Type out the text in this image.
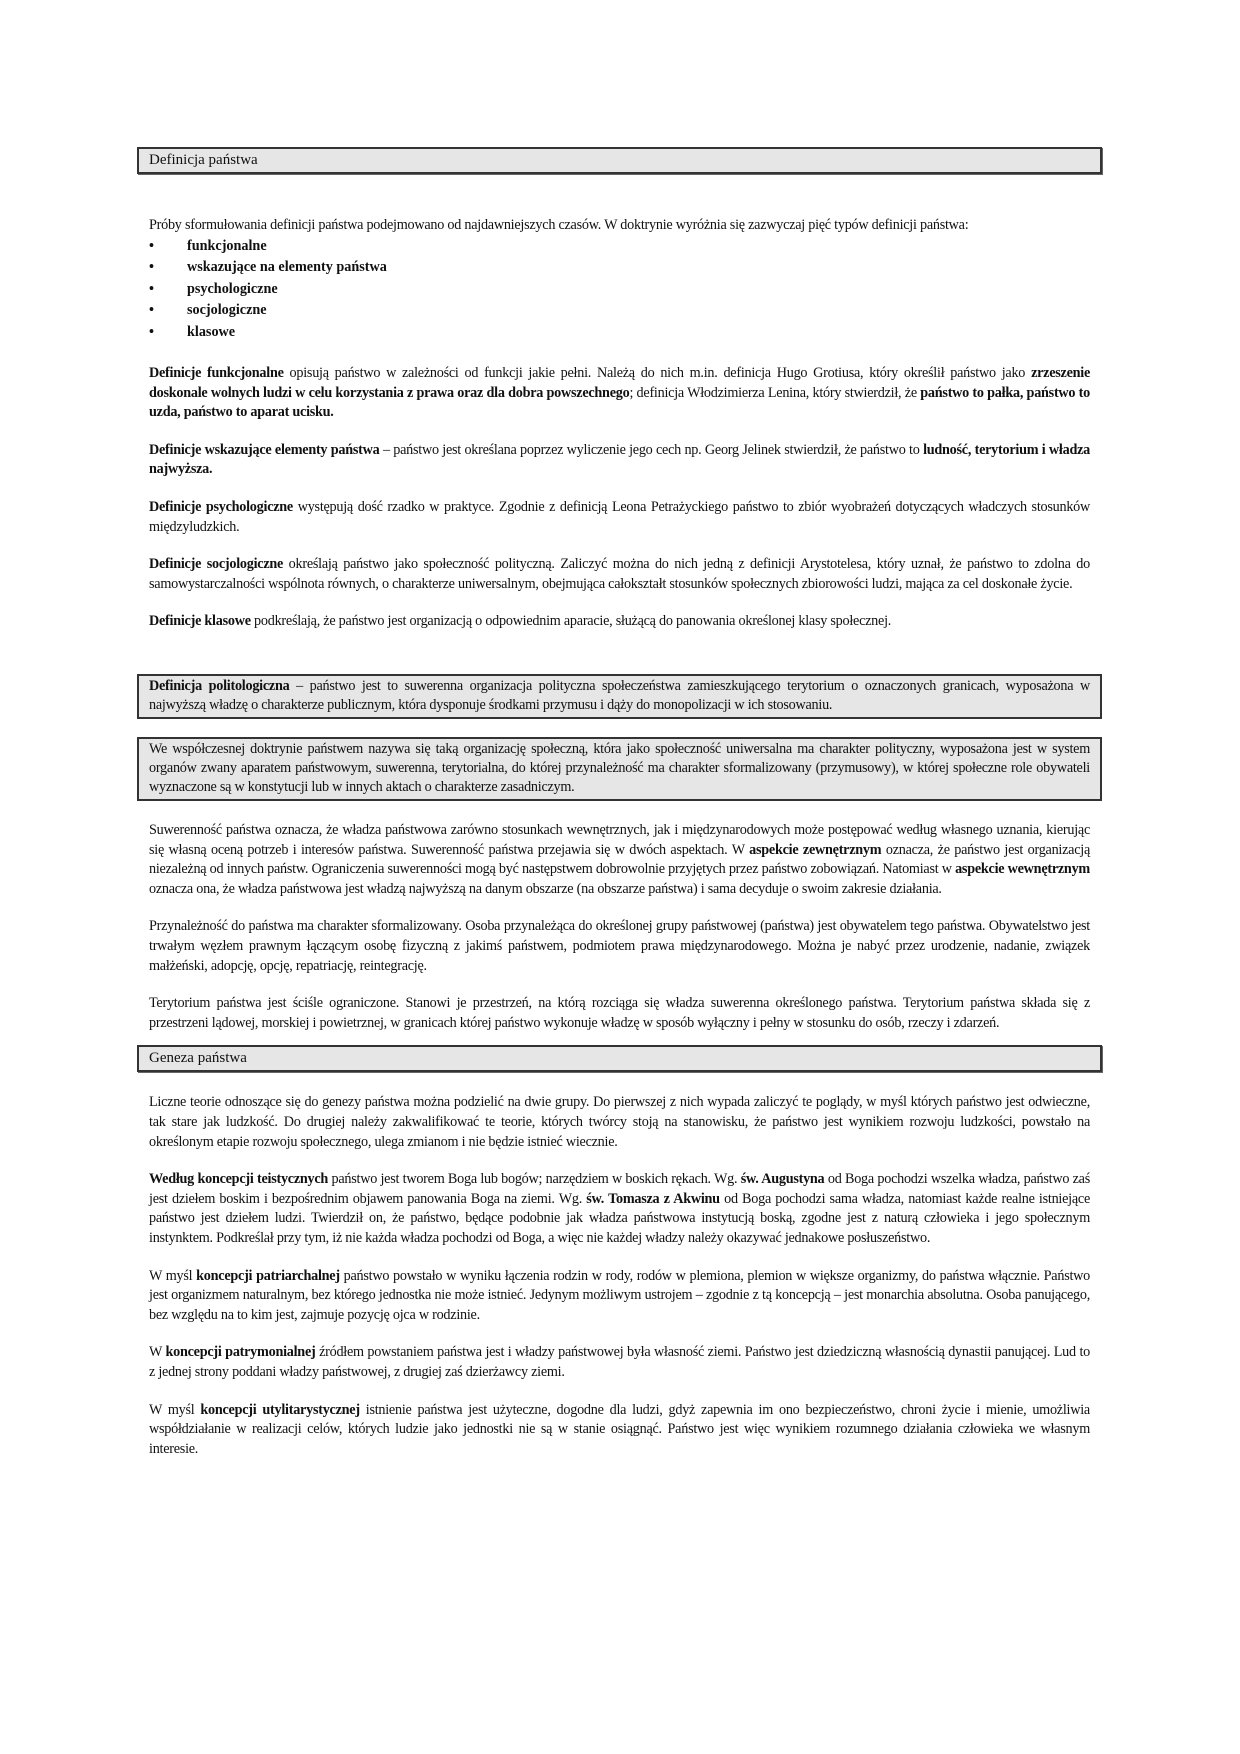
Definicja państwa

Próby sformułowania definicji państwa podejmowano od najdawniejszych czasów. W doktrynie wyróżnia się zazwyczaj pięć typów definicji państwa:

• funkcjonalne
• wskazujące na elementy państwa
• psychologiczne
• socjologiczne
• klasowe

Definicje funkcjonalne opisują państwo w zależności od funkcji jakie pełni. Należą do nich m.in. definicja Hugo Grotiusa, który określił państwo jako zrzeszenie doskonale wolnych ludzi w celu korzystania z prawa oraz dla dobra powszechnego; definicja Włodzimierza Lenina, który stwierdził, że państwo to pałka, państwo to uzda, państwo to aparat ucisku.

Definicje wskazujące elementy państwa – państwo jest określana poprzez wyliczenie jego cech np. Georg Jelinek stwierdził, że państwo to ludność, terytorium i władza najwyższa.

Definicje psychologiczne występują dość rzadko w praktyce. Zgodnie z definicją Leona Petrażyckiego państwo to zbiór wyobrażeń dotyczących władczych stosunków międzyludzkich.

Definicje socjologiczne określają państwo jako społeczność polityczną. Zaliczyć można do nich jedną z definicji Arystotelesa, który uznał, że państwo to zdolna do samowystarczalności wspólnota równych, o charakterze uniwersalnym, obejmująca całokształt stosunków społecznych zbiorowości ludzi, mająca za cel doskonałe życie.

Definicje klasowe podkreślają, że państwo jest organizacją o odpowiednim aparacie, służącą do panowania określonej klasy społecznej.

Definicja politologiczna – państwo jest to suwerenna organizacja polityczna społeczeństwa zamieszkującego terytorium o oznaczonych granicach, wyposażona w najwyższą władzę o charakterze publicznym, która dysponuje środkami przymusu i dąży do monopolizacji w ich stosowaniu.
We współczesnej doktrynie państwem nazywa się taką organizację społeczną, która jako społeczność uniwersalna ma charakter polityczny, wyposażona jest w system organów zwany aparatem państwowym, suwerenna, terytorialna, do której przynależność ma charakter sformalizowany (przymusowy), w której społeczne role obywateli wyznaczone są w konstytucji lub w innych aktach o charakterze zasadniczym.

Suwerenność państwa oznacza, że władza państwowa zarówno stosunkach wewnętrznych, jak i międzynarodowych może postępować według własnego uznania, kierując się własną oceną potrzeb i interesów państwa. Suwerenność państwa przejawia się w dwóch aspektach. W aspekcie zewnętrznym oznacza, że państwo jest organizacją niezależną od innych państw. Ograniczenia suwerenności mogą być następstwem dobrowolnie przyjętych przez państwo zobowiązań. Natomiast w aspekcie wewnętrznym oznacza ona, że władza państwowa jest władzą najwyższą na danym obszarze (na obszarze państwa) i sama decyduje o swoim zakresie działania.

Przynależność do państwa ma charakter sformalizowany. Osoba przynależąca do określonej grupy państwowej (państwa) jest obywatelem tego państwa. Obywatelstwo jest trwałym węzłem prawnym łączącym osobę fizyczną z jakimś państwem, podmiotem prawa międzynarodowego. Można je nabyć przez urodzenie, nadanie, związek małżeński, adopcję, opcję, repatriację, reintegrację.

Terytorium państwa jest ściśle ograniczone. Stanowi je przestrzeń, na którą rozciąga się władza suwerenna określonego państwa. Terytorium państwa składa się z przestrzeni lądowej, morskiej i powietrznej, w granicach której państwo wykonuje władzę w sposób wyłączny i pełny w stosunku do osób, rzeczy i zdarzeń.

Geneza państwa

Liczne teorie odnoszące się do genezy państwa można podzielić na dwie grupy. Do pierwszej z nich wypada zaliczyć te poglądy, w myśl których państwo jest odwieczne, tak stare jak ludzkość. Do drugiej należy zakwalifikować te teorie, których twórcy stoją na stanowisku, że państwo jest wynikiem rozwoju ludzkości, powstało na określonym etapie rozwoju społecznego, ulega zmianom i nie będzie istnieć wiecznie.

Według koncepcji teistycznych państwo jest tworem Boga lub bogów; narzędziem w boskich rękach. Wg. św. Augustyna od Boga pochodzi wszelka władza, państwo zaś jest dziełem boskim i bezpośrednim objawem panowania Boga na ziemi. Wg. św. Tomasza z Akwinu od Boga pochodzi sama władza, natomiast każde realne istniejące państwo jest dziełem ludzi. Twierdził on, że państwo, będące podobnie jak władza państwowa instytucją boską, zgodne jest z naturą człowieka i jego społecznym instynktem. Podkreślał przy tym, iż nie każda władza pochodzi od Boga, a więc nie każdej władzy należy okazywać jednakowe posłuszeństwo.

W myśl koncepcji patriarchalnej państwo powstało w wyniku łączenia rodzin w rody, rodów w plemiona, plemion w większe organizmy, do państwa włącznie. Państwo jest organizmem naturalnym, bez którego jednostka nie może istnieć. Jedynym możliwym ustrojem – zgodnie z tą koncepcją – jest monarchia absolutna. Osoba panującego, bez względu na to kim jest, zajmuje pozycję ojca w rodzinie.

W koncepcji patrymonialnej źródłem powstaniem państwa jest i władzy państwowej była własność ziemi. Państwo jest dziedziczną własnością dynastii panującej. Lud to z jednej strony poddani władzy państwowej, z drugiej zaś dzierżawcy ziemi.

W myśl koncepcji utylitarystycznej istnienie państwa jest użyteczne, dogodne dla ludzi, gdyż zapewnia im ono bezpieczeństwo, chroni życie i mienie, umożliwia współdziałanie w realizacji celów, których ludzie jako jednostki nie są w stanie osiągnąć. Państwo jest więc wynikiem rozumnego działania człowieka we własnym interesie.
